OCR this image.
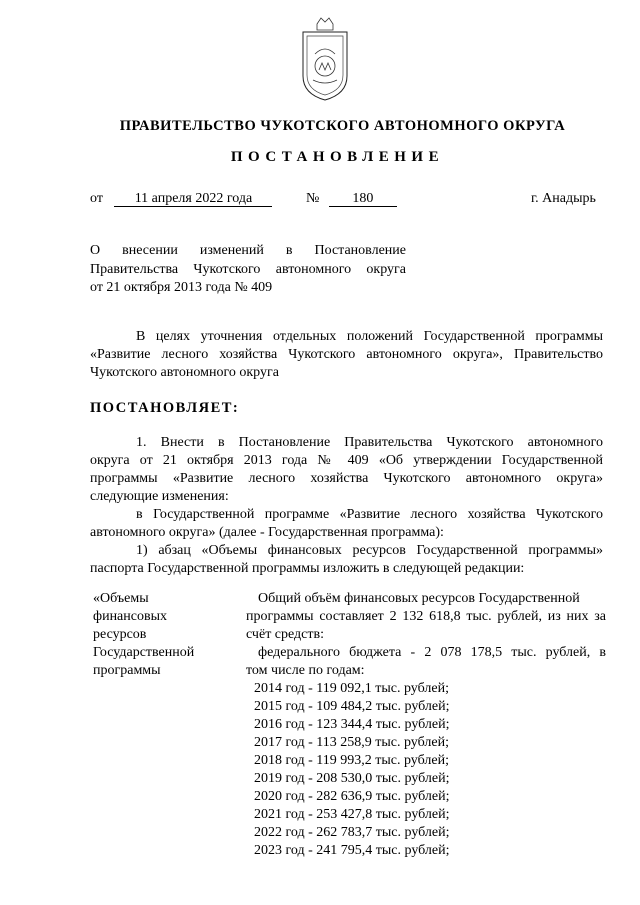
ПРАВИТЕЛЬСТВО ЧУКОТСКОГО АВТОНОМНОГО ОКРУГА
ПОСТАНОВЛЕНИЕ
от 11 апреля 2022 года	№ 180	г. Анадырь
О внесении изменений в Постановление
Правительства Чукотского автономного округа
от 21 октября 2013 года № 409
В целях уточнения отдельных положений Государственной программы
«Развитие лесного хозяйства Чукотского автономного округа», Правительство
Чукотского автономного округа
ПОСТАНОВЛЯЕТ:
1. Внести в Постановление Правительства Чукотского автономного
округа от 21 октября 2013 года № 409 «Об утверждении Государственной
программы «Развитие лесного хозяйства Чукотского автономного округа»
следующие изменения:
в Государственной программе «Развитие лесного хозяйства Чукотского
автономного округа» (далее - Государственная программа):
1) абзац «Объемы финансовых ресурсов Государственной программы»
паспорта Государственной программы изложить в следующей редакции:
«Объемы
финансовых
ресурсов
Государственной
программы
Общий объём финансовых ресурсов Государственной
программы составляет 2 132 618,8 тыс. рублей, из них за
счёт средств:
федерального бюджета - 2 078 178,5 тыс. рублей, в
том числе по годам:
2014 год - 119 092,1 тыс. рублей;
2015 год - 109 484,2 тыс. рублей;
2016 год - 123 344,4 тыс. рублей;
2017 год - 113 258,9 тыс. рублей;
2018 год - 119 993,2 тыс. рублей;
2019 год - 208 530,0 тыс. рублей;
2020 год - 282 636,9 тыс. рублей;
2021 год - 253 427,8 тыс. рублей;
2022 год - 262 783,7 тыс. рублей;
2023 год - 241 795,4 тыс. рублей;
